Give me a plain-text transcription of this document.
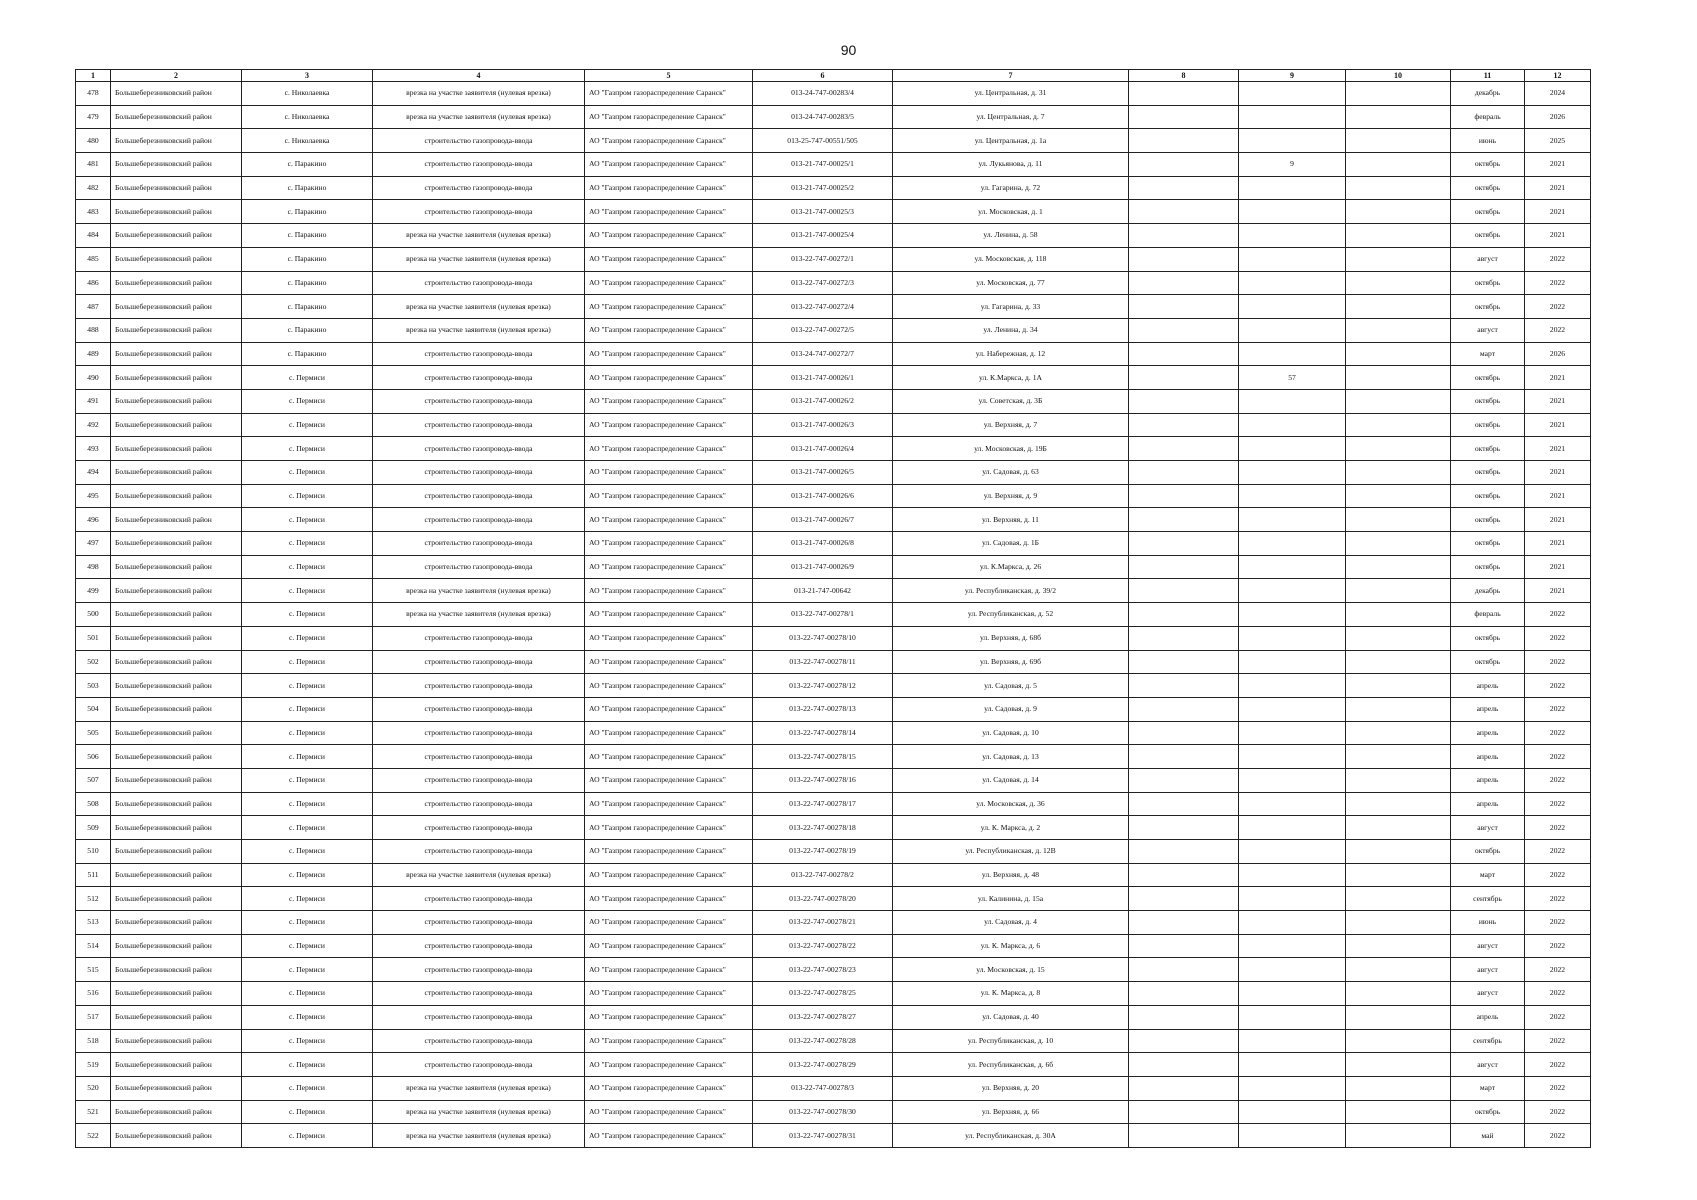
90
1	2	3	4	5	6	7	8	9	10	11	12
478	Большеберезниковский район	с. Николаевка	врезка на участке заявителя (нулевая врезка)	АО "Газпром газораспределение Саранск"	013-24-747-00283/4	ул. Центральная, д. 31				декабрь	2024
479	Большеберезниковский район	с. Николаевка	врезка на участке заявителя (нулевая врезка)	АО "Газпром газораспределение Саранск"	013-24-747-00283/5	ул. Центральная, д. 7				февраль	2026
480	Большеберезниковский район	с. Николаевка	строительство газопровода-ввода	АО "Газпром газораспределение Саранск"	013-25-747-00551/505	ул. Центральная, д. 1а				июнь	2025
481	Большеберезниковский район	с. Паракино	строительство газопровода-ввода	АО "Газпром газораспределение Саранск"	013-21-747-00025/1	ул. Лукьянова, д. 11		9		октябрь	2021
482	Большеберезниковский район	с. Паракино	строительство газопровода-ввода	АО "Газпром газораспределение Саранск"	013-21-747-00025/2	ул. Гагарина, д. 72				октябрь	2021
483	Большеберезниковский район	с. Паракино	строительство газопровода-ввода	АО "Газпром газораспределение Саранск"	013-21-747-00025/3	ул. Московская, д. 1				октябрь	2021
484	Большеберезниковский район	с. Паракино	врезка на участке заявителя (нулевая врезка)	АО "Газпром газораспределение Саранск"	013-21-747-00025/4	ул. Ленина, д. 58				октябрь	2021
485	Большеберезниковский район	с. Паракино	врезка на участке заявителя (нулевая врезка)	АО "Газпром газораспределение Саранск"	013-22-747-00272/1	ул. Московская, д. 118				август	2022
486	Большеберезниковский район	с. Паракино	строительство газопровода-ввода	АО "Газпром газораспределение Саранск"	013-22-747-00272/3	ул. Московская, д. 77				октябрь	2022
487	Большеберезниковский район	с. Паракино	врезка на участке заявителя (нулевая врезка)	АО "Газпром газораспределение Саранск"	013-22-747-00272/4	ул. Гагарина, д. 33				октябрь	2022
488	Большеберезниковский район	с. Паракино	врезка на участке заявителя (нулевая врезка)	АО "Газпром газораспределение Саранск"	013-22-747-00272/5	ул. Ленина, д. 34				август	2022
489	Большеберезниковский район	с. Паракино	строительство газопровода-ввода	АО "Газпром газораспределение Саранск"	013-24-747-00272/7	ул. Набережная, д. 12				март	2026
490	Большеберезниковский район	с. Пермиси	строительство газопровода-ввода	АО "Газпром газораспределение Саранск"	013-21-747-00026/1	ул. К.Маркса, д. 1А		57		октябрь	2021
491	Большеберезниковский район	с. Пермиси	строительство газопровода-ввода	АО "Газпром газораспределение Саранск"	013-21-747-00026/2	ул. Советская, д. 3Б				октябрь	2021
492	Большеберезниковский район	с. Пермиси	строительство газопровода-ввода	АО "Газпром газораспределение Саранск"	013-21-747-00026/3	ул. Верхняя, д. 7				октябрь	2021
493	Большеберезниковский район	с. Пермиси	строительство газопровода-ввода	АО "Газпром газораспределение Саранск"	013-21-747-00026/4	ул. Московская, д. 19Б				октябрь	2021
494	Большеберезниковский район	с. Пермиси	строительство газопровода-ввода	АО "Газпром газораспределение Саранск"	013-21-747-00026/5	ул. Садовая, д. 63				октябрь	2021
495	Большеберезниковский район	с. Пермиси	строительство газопровода-ввода	АО "Газпром газораспределение Саранск"	013-21-747-00026/6	ул. Верхняя, д. 9				октябрь	2021
496	Большеберезниковский район	с. Пермиси	строительство газопровода-ввода	АО "Газпром газораспределение Саранск"	013-21-747-00026/7	ул. Верхняя, д. 11				октябрь	2021
497	Большеберезниковский район	с. Пермиси	строительство газопровода-ввода	АО "Газпром газораспределение Саранск"	013-21-747-00026/8	ул. Садовая, д. 1Б				октябрь	2021
498	Большеберезниковский район	с. Пермиси	строительство газопровода-ввода	АО "Газпром газораспределение Саранск"	013-21-747-00026/9	ул. К.Маркса, д. 26				октябрь	2021
499	Большеберезниковский район	с. Пермиси	врезка на участке заявителя (нулевая врезка)	АО "Газпром газораспределение Саранск"	013-21-747-00642	ул. Республиканская, д. 39/2				декабрь	2021
500	Большеберезниковский район	с. Пермиси	врезка на участке заявителя (нулевая врезка)	АО "Газпром газораспределение Саранск"	013-22-747-00278/1	ул. Республиканская, д. 52				февраль	2022
501	Большеберезниковский район	с. Пермиси	строительство газопровода-ввода	АО "Газпром газораспределение Саранск"	013-22-747-00278/10	ул. Верхняя, д. 68б				октябрь	2022
502	Большеберезниковский район	с. Пермиси	строительство газопровода-ввода	АО "Газпром газораспределение Саранск"	013-22-747-00278/11	ул. Верхняя, д. 69б				октябрь	2022
503	Большеберезниковский район	с. Пермиси	строительство газопровода-ввода	АО "Газпром газораспределение Саранск"	013-22-747-00278/12	ул. Садовая, д. 5				апрель	2022
504	Большеберезниковский район	с. Пермиси	строительство газопровода-ввода	АО "Газпром газораспределение Саранск"	013-22-747-00278/13	ул. Садовая, д. 9				апрель	2022
505	Большеберезниковский район	с. Пермиси	строительство газопровода-ввода	АО "Газпром газораспределение Саранск"	013-22-747-00278/14	ул. Садовая, д. 10				апрель	2022
506	Большеберезниковский район	с. Пермиси	строительство газопровода-ввода	АО "Газпром газораспределение Саранск"	013-22-747-00278/15	ул. Садовая, д. 13				апрель	2022
507	Большеберезниковский район	с. Пермиси	строительство газопровода-ввода	АО "Газпром газораспределение Саранск"	013-22-747-00278/16	ул. Садовая, д. 14				апрель	2022
508	Большеберезниковский район	с. Пермиси	строительство газопровода-ввода	АО "Газпром газораспределение Саранск"	013-22-747-00278/17	ул. Московская, д. 36				апрель	2022
509	Большеберезниковский район	с. Пермиси	строительство газопровода-ввода	АО "Газпром газораспределение Саранск"	013-22-747-00278/18	ул. К. Маркса, д. 2				август	2022
510	Большеберезниковский район	с. Пермиси	строительство газопровода-ввода	АО "Газпром газораспределение Саранск"	013-22-747-00278/19	ул. Республиканская, д. 12В				октябрь	2022
511	Большеберезниковский район	с. Пермиси	врезка на участке заявителя (нулевая врезка)	АО "Газпром газораспределение Саранск"	013-22-747-00278/2	ул. Верхняя, д. 48				март	2022
512	Большеберезниковский район	с. Пермиси	строительство газопровода-ввода	АО "Газпром газораспределение Саранск"	013-22-747-00278/20	ул. Калинина, д. 15а				сентябрь	2022
513	Большеберезниковский район	с. Пермиси	строительство газопровода-ввода	АО "Газпром газораспределение Саранск"	013-22-747-00278/21	ул. Садовая, д. 4				июнь	2022
514	Большеберезниковский район	с. Пермиси	строительство газопровода-ввода	АО "Газпром газораспределение Саранск"	013-22-747-00278/22	ул. К. Маркса, д. 6				август	2022
515	Большеберезниковский район	с. Пермиси	строительство газопровода-ввода	АО "Газпром газораспределение Саранск"	013-22-747-00278/23	ул. Московская, д. 15				август	2022
516	Большеберезниковский район	с. Пермиси	строительство газопровода-ввода	АО "Газпром газораспределение Саранск"	013-22-747-00278/25	ул. К. Маркса, д. 8				август	2022
517	Большеберезниковский район	с. Пермиси	строительство газопровода-ввода	АО "Газпром газораспределение Саранск"	013-22-747-00278/27	ул. Садовая, д. 40				апрель	2022
518	Большеберезниковский район	с. Пермиси	строительство газопровода-ввода	АО "Газпром газораспределение Саранск"	013-22-747-00278/28	ул. Республиканская, д. 10				сентябрь	2022
519	Большеберезниковский район	с. Пермиси	строительство газопровода-ввода	АО "Газпром газораспределение Саранск"	013-22-747-00278/29	ул. Республиканская, д. 6б				август	2022
520	Большеберезниковский район	с. Пермиси	врезка на участке заявителя (нулевая врезка)	АО "Газпром газораспределение Саранск"	013-22-747-00278/3	ул. Верхняя, д. 20				март	2022
521	Большеберезниковский район	с. Пермиси	врезка на участке заявителя (нулевая врезка)	АО "Газпром газораспределение Саранск"	013-22-747-00278/30	ул. Верхняя, д. 66				октябрь	2022
522	Большеберезниковский район	с. Пермиси	врезка на участке заявителя (нулевая врезка)	АО "Газпром газораспределение Саранск"	013-22-747-00278/31	ул. Республиканская, д. 30А				май	2022
